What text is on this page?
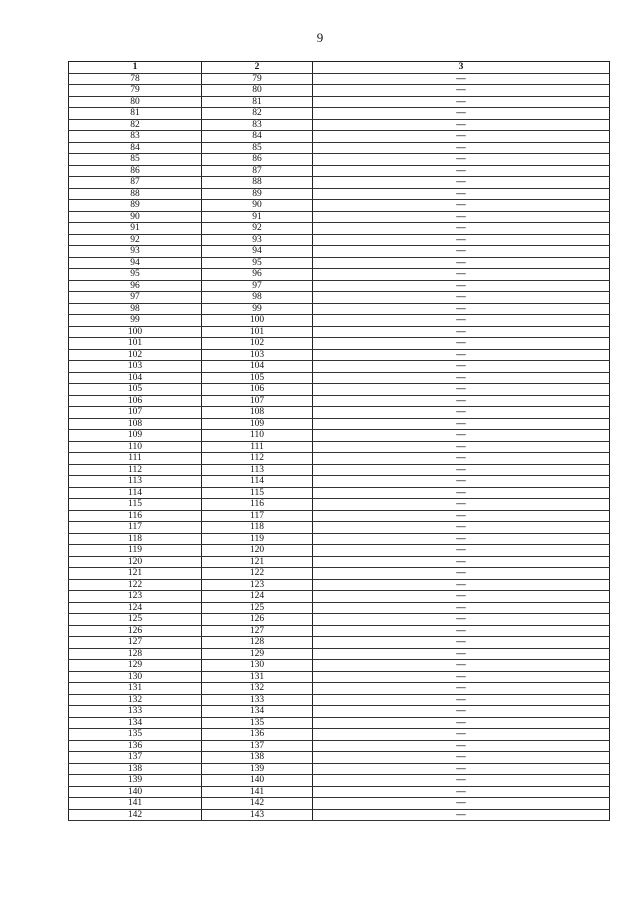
9
1	2	3
78	79	—
79	80	—
80	81	—
81	82	—
82	83	—
83	84	—
84	85	—
85	86	—
86	87	—
87	88	—
88	89	—
89	90	—
90	91	—
91	92	—
92	93	—
93	94	—
94	95	—
95	96	—
96	97	—
97	98	—
98	99	—
99	100	—
100	101	—
101	102	—
102	103	—
103	104	—
104	105	—
105	106	—
106	107	—
107	108	—
108	109	—
109	110	—
110	111	—
111	112	—
112	113	—
113	114	—
114	115	—
115	116	—
116	117	—
117	118	—
118	119	—
119	120	—
120	121	—
121	122	—
122	123	—
123	124	—
124	125	—
125	126	—
126	127	—
127	128	—
128	129	—
129	130	—
130	131	—
131	132	—
132	133	—
133	134	—
134	135	—
135	136	—
136	137	—
137	138	—
138	139	—
139	140	—
140	141	—
141	142	—
142	143	—
